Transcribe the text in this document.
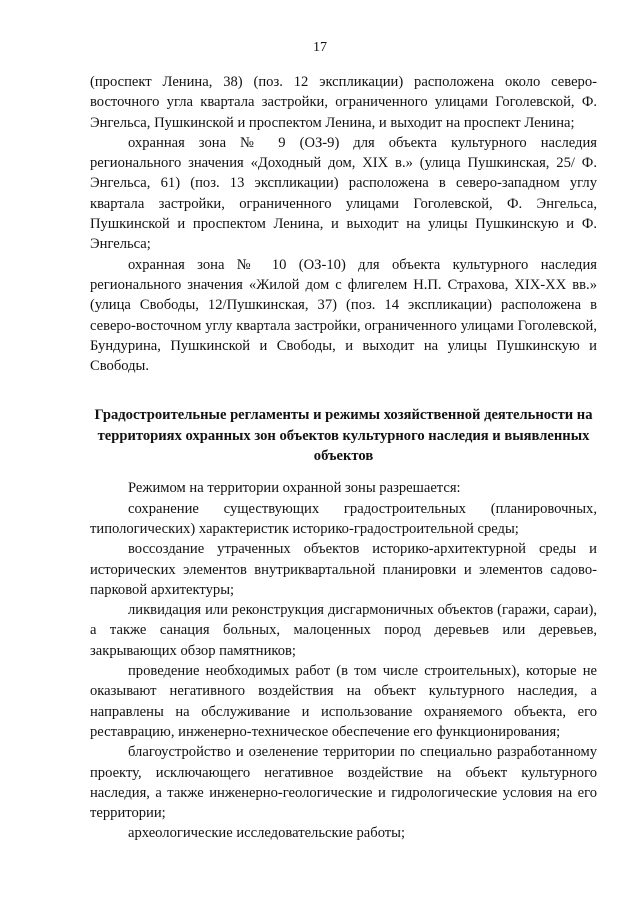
17

(проспект Ленина, 38) (поз. 12 экспликации) расположена около северо-восточного угла квартала застройки, ограниченного улицами Гоголевской, Ф. Энгельса, Пушкинской и проспектом Ленина, и выходит на проспект Ленина;

охранная зона № 9 (ОЗ-9) для объекта культурного наследия регионального значения «Доходный дом, XIX в.» (улица Пушкинская, 25/ Ф. Энгельса, 61) (поз. 13 экспликации) расположена в северо-западном углу квартала застройки, ограниченного улицами Гоголевской, Ф. Энгельса, Пушкинской и проспектом Ленина, и выходит на улицы Пушкинскую и Ф. Энгельса;

охранная зона № 10 (ОЗ-10) для объекта культурного наследия регионального значения «Жилой дом с флигелем Н.П. Страхова, XIX-XX вв.» (улица Свободы, 12/Пушкинская, 37) (поз. 14 экспликации) расположена в северо-восточном углу квартала застройки, ограниченного улицами Гоголевской, Бундурина, Пушкинской и Свободы, и выходит на улицы Пушкинскую и Свободы.

Градостроительные регламенты и режимы хозяйственной деятельности на территориях охранных зон объектов культурного наследия и выявленных объектов

Режимом на территории охранной зоны разрешается:

сохранение существующих градостроительных (планировочных, типологических) характеристик историко-градостроительной среды;

воссоздание утраченных объектов историко-архитектурной среды и исторических элементов внутриквартальной планировки и элементов садово-парковой архитектуры;

ликвидация или реконструкция дисгармоничных объектов (гаражи, сараи), а также санация больных, малоценных пород деревьев или деревьев, закрывающих обзор памятников;

проведение необходимых работ (в том числе строительных), которые не оказывают негативного воздействия на объект культурного наследия, а направлены на обслуживание и использование охраняемого объекта, его реставрацию, инженерно-техническое обеспечение его функционирования;

благоустройство и озеленение территории по специально разработанному проекту, исключающего негативное воздействие на объект культурного наследия, а также инженерно-геологические и гидрологические условия на его территории;

археологические исследовательские работы;
